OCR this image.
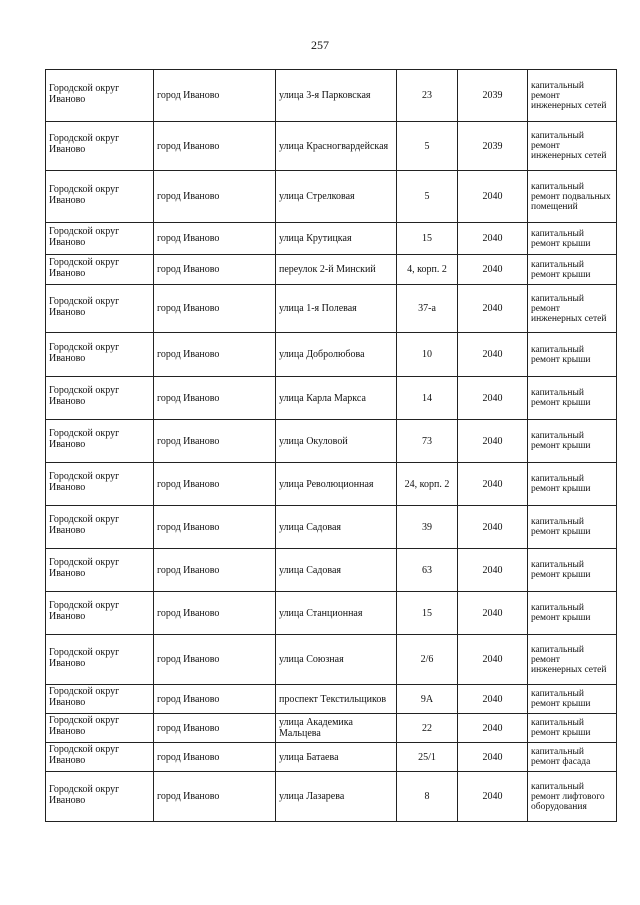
257
Городской округ Иваново	город Иваново	улица 3-я Парковская	23	2039	капитальный ремонт инженерных сетей

Городской округ Иваново	город Иваново	улица Красногвардейская	5	2039	капитальный ремонт инженерных сетей

Городской округ Иваново	город Иваново	улица Стрелковая	5	2040	капитальный ремонт подвальных помещений

Городской округ Иваново	город Иваново	улица Крутицкая	15	2040	капитальный ремонт крыши

Городской округ Иваново	город Иваново	переулок 2-й Минский	4, корп. 2	2040	капитальный ремонт крыши

Городской округ Иваново	город Иваново	улица 1-я Полевая	37-а	2040	капитальный ремонт инженерных сетей

Городской округ Иваново	город Иваново	улица Добролюбова	10	2040	капитальный ремонт крыши

Городской округ Иваново	город Иваново	улица Карла Маркса	14	2040	капитальный ремонт крыши

Городской округ Иваново	город Иваново	улица Окуловой	73	2040	капитальный ремонт крыши

Городской округ Иваново	город Иваново	улица Революционная	24, корп. 2	2040	капитальный ремонт крыши

Городской округ Иваново	город Иваново	улица Садовая	39	2040	капитальный ремонт крыши

Городской округ Иваново	город Иваново	улица Садовая	63	2040	капитальный ремонт крыши

Городской округ Иваново	город Иваново	улица Станционная	15	2040	капитальный ремонт крыши

Городской округ Иваново	город Иваново	улица Союзная	2/6	2040	капитальный ремонт инженерных сетей

Городской округ Иваново	город Иваново	проспект Текстильщиков	9А	2040	капитальный ремонт крыши

Городской округ Иваново	город Иваново	улица Академика Мальцева	22	2040	капитальный ремонт крыши

Городской округ Иваново	город Иваново	улица Батаева	25/1	2040	капитальный ремонт фасада

Городской округ Иваново	город Иваново	улица Лазарева	8	2040	капитальный ремонт лифтового оборудования
